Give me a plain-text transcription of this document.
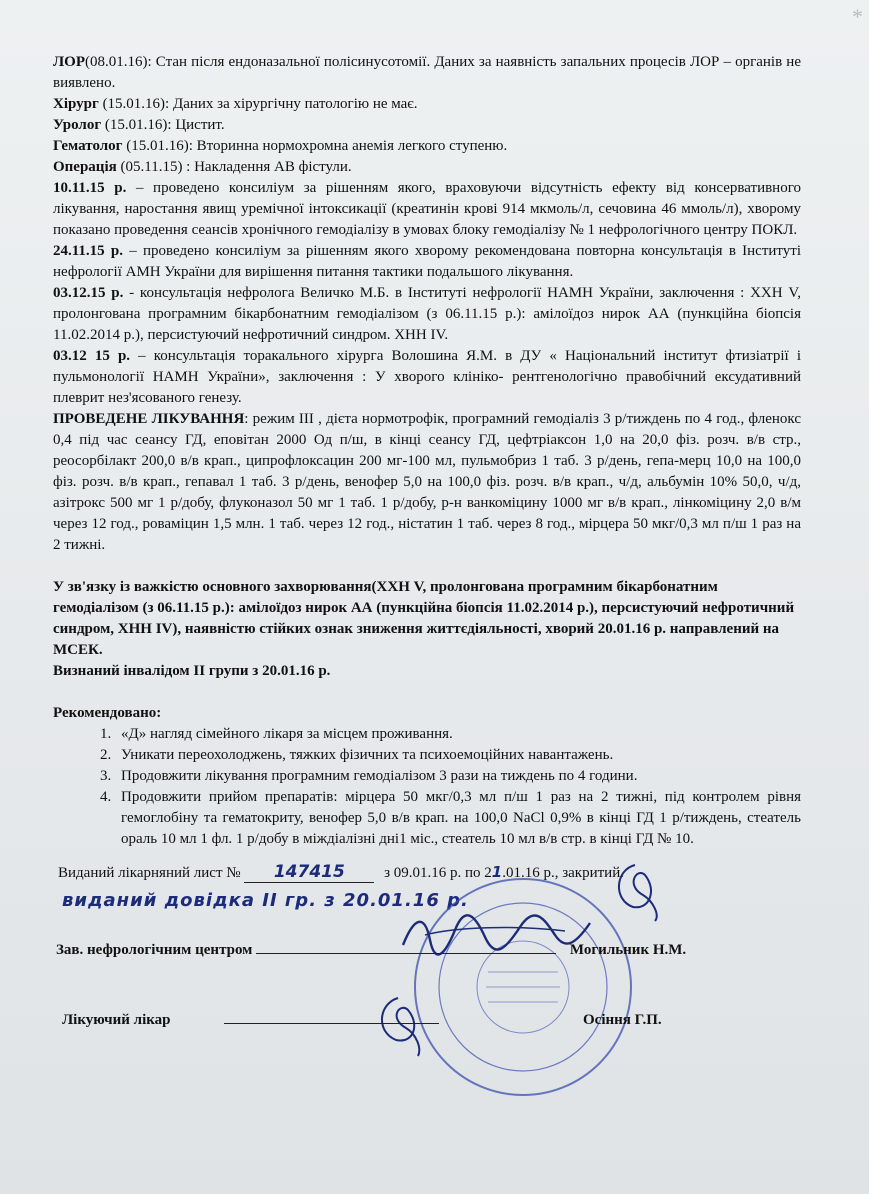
*

ЛОР(08.01.16): Стан після ендоназальної полісинусотомії. Даних за наявність запальних процесів ЛОР – органів не виявлено.

Хірург (15.01.16): Даних за хірургічну патологію не має.

Уролог (15.01.16): Цистит.

Гематолог (15.01.16): Вторинна нормохромна анемія легкого ступеню.

Операція (05.11.15) : Накладення АВ фістули.

10.11.15 р. – проведено консиліум за рішенням якого, враховуючи відсутність ефекту від консервативного лікування, наростання явищ уремічної інтоксикації (креатинін крові 914 мкмоль/л, сечовина 46 ммоль/л), хворому показано проведення сеансів хронічного гемодіалізу в умовах блоку гемодіалізу № 1 нефрологічного центру ПОКЛ.

24.11.15 р. – проведено консиліум за рішенням якого хворому рекомендована повторна консультація в Інституті нефрології АМН України для вирішення питання тактики подальшого лікування.

03.12.15 р. - консультація нефролога Величко М.Б. в Інституті нефрології НАМН України, заключення : ХХН V, пролонгована програмним бікарбонатним гемодіалізом (з 06.11.15 р.): амілоїдоз нирок АА (пункційна біопсія 11.02.2014 р.), персистуючий нефротичний синдром. ХНН IV.

03.12 15 р. – консультація торакального хірурга Волошина Я.М. в ДУ « Національний інститут фтизіатрії і пульмонології НАМН України», заключення : У хворого клініко- рентгенологічно правобічний ексудативний плеврит нез'ясованого генезу.

ПРОВЕДЕНЕ ЛІКУВАННЯ: режим ІІІ , дієта нормотрофік, програмний гемодіаліз 3 р/тиждень по 4 год., фленокс 0,4 під час сеансу ГД, еповітан 2000 Од п/ш, в кінці сеансу ГД, цефтріаксон 1,0 на 20,0 фіз. розч. в/в стр., реосорбілакт 200,0 в/в крап., ципрофлоксацин 200 мг-100 мл, пульмобриз 1 таб. 3 р/день, гепа-мерц 10,0 на 100,0 фіз. розч. в/в крап., гепавал 1 таб. 3 р/день, венофер 5,0 на 100,0 фіз. розч. в/в крап., ч/д, альбумін 10% 50,0, ч/д, азітрокс 500 мг 1 р/добу, флуконазол 50 мг 1 таб. 1 р/добу, р-н ванкоміцину 1000 мг в/в крап., лінкоміцину 2,0 в/м через 12 год., роваміцин 1,5 млн. 1 таб. через 12 год., ністатин 1 таб. через 8 год., мірцера 50 мкг/0,3 мл п/ш 1 раз на 2 тижні.

У зв'язку із важкістю основного захворювання(ХХН V, пролонгована програмним бікарбонатним гемодіалізом (з 06.11.15 р.): амілоїдоз нирок АА (пункційна біопсія 11.02.2014 р.), персистуючий нефротичний синдром, ХНН IV), наявністю стійких ознак зниження життєдіяльності, хворий 20.01.16 р. направлений на МСЕК.

Визнаний інвалідом ІІ групи з 20.01.16 р.

Рекомендовано:

1. «Д» нагляд сімейного лікаря за місцем проживання.
2. Уникати переохолоджень, тяжких фізичних та психоемоційних навантажень.
3. Продовжити лікування програмним гемодіалізом 3 рази на тиждень по 4 години.
4. Продовжити прийом препаратів: мірцера 50 мкг/0,3 мл п/ш 1 раз на 2 тижні, під контролем рівня гемоглобіну та гематокриту, венофер 5,0 в/в крап. на 100,0 NaCl 0,9% в кінці ГД 1 р/тиждень, стеатель ораль 10 мл 1 фл. 1 р/добу в міждіалізні дні1 міс., стеатель 10 мл в/в стр. в кінці ГД № 10.
Виданий лікарняний лист № 147415	з 09.01.16 р. по 21.01.16 р., закритий.
виданий довідка ІІ гр. з 20.01.16 р.
Зав. нефрологічним центром	Могильник Н.М.
Лікуючий лікар	Осіння Г.П.
